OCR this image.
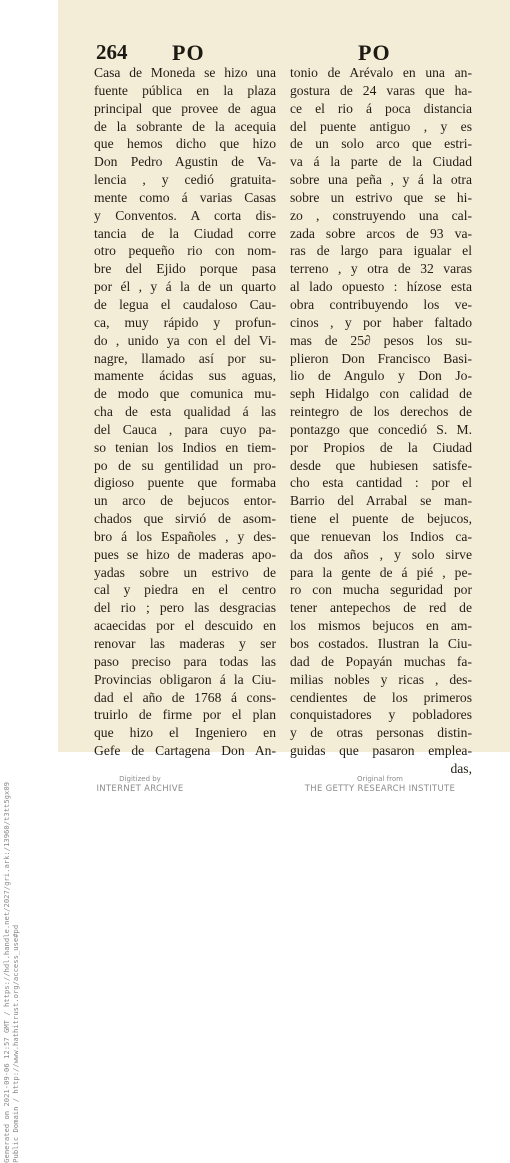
264 PO	PO
Casa de Moneda se hizo una
fuente pública en la plaza
principal que provee de agua
de la sobrante de la acequia
que hemos dicho que hizo
Don Pedro Agustin de Va-
lencia , y cedió gratuita-
mente como á varias Casas
y Conventos. A corta dis-
tancia de la Ciudad corre
otro pequeño rio con nom-
bre del Ejido porque pasa
por él , y á la de un quarto
de legua el caudaloso Cau-
ca, muy rápido y profun-
do , unido ya con el del Vi-
nagre, llamado así por su-
mamente ácidas sus aguas,
de modo que comunica mu-
cha de esta qualidad á las
del Cauca , para cuyo pa-
so tenian los Indios en tiem-
po de su gentilidad un pro-
digioso puente que formaba
un arco de bejucos entor-
chados que sirvió de asom-
bro á los Españoles , y des-
pues se hizo de maderas apo-
yadas sobre un estrivo de
cal y piedra en el centro
del rio ; pero las desgracias
acaecidas por el descuido en
renovar las maderas y ser
paso preciso para todas las
Provincias obligaron á la Ciu-
dad el año de 1768 á cons-
truirlo de firme por el plan
que hizo el Ingeniero en
Gefe de Cartagena Don An-
tonio de Arévalo en una an-
gostura de 24 varas que ha-
ce el rio á poca distancia
del puente antiguo , y es
de un solo arco que estri-
va á la parte de la Ciudad
sobre una peña , y á la otra
sobre un estrivo que se hi-
zo , construyendo una cal-
zada sobre arcos de 93 va-
ras de largo para igualar el
terreno , y otra de 32 varas
al lado opuesto : hízose esta
obra contribuyendo los ve-
cinos , y por haber faltado
mas de 25∂ pesos los su-
plieron Don Francisco Basi-
lio de Angulo y Don Jo-
seph Hidalgo con calidad de
reintegro de los derechos de
pontazgo que concedió S. M.
por Propios de la Ciudad
desde que hubiesen satisfe-
cho esta cantidad : por el
Barrio del Arrabal se man-
tiene el puente de bejucos,
que renuevan los Indios ca-
da dos años , y solo sirve
para la gente de á pié , pe-
ro con mucha seguridad por
tener antepechos de red de
los mismos bejucos en am-
bos costados. Ilustran la Ciu-
dad de Popayán muchas fa-
milias nobles y ricas , des-
cendientes de los primeros
conquistadores y pobladores
y de otras personas distin-
guidas que pasaron emplea-
das,
Generated on 2021-09-06 12:57 GMT / https://hdl.handle.net/2027/gri.ark:/13960/t3tt5gx09 Public Domain / http://www.hathitrust.org/access_use#pd
Digitized by
INTERNET ARCHIVE
Original from
THE GETTY RESEARCH INSTITUTE
